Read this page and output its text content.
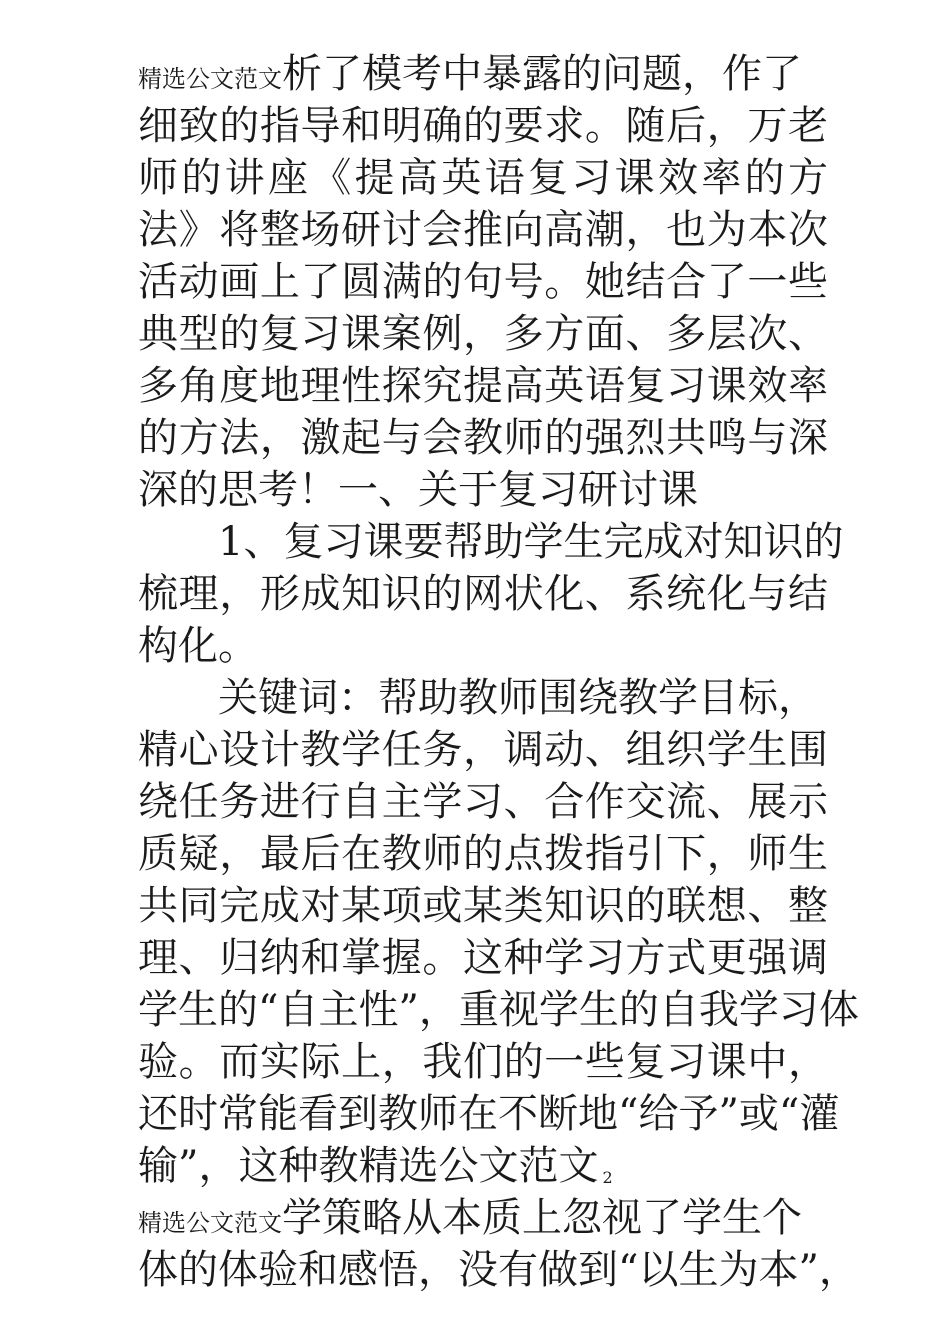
精选公文范文析了模考中暴露的问题，作了
细致的指导和明确的要求。随后，万老
师的讲座《提高英语复习课效率的方
法》将整场研讨会推向高潮，也为本次
活动画上了圆满的句号。她结合了一些
典型的复习课案例，多方面、多层次、
多角度地理性探究提高英语复习课效率
的方法，激起与会教师的强烈共鸣与深
深的思考！一、关于复习研讨课
1、复习课要帮助学生完成对知识的
梳理，形成知识的网状化、系统化与结
构化。
关键词：帮助教师围绕教学目标，
精心设计教学任务，调动、组织学生围
绕任务进行自主学习、合作交流、展示
质疑，最后在教师的点拨指引下，师生
共同完成对某项或某类知识的联想、整
理、归纳和掌握。这种学习方式更强调
学生的“自主性”，重视学生的自我学习体
验。而实际上，我们的一些复习课中，
还时常能看到教师在不断地“给予”或“灌
输”，这种教精选公文范文 2
精选公文范文学策略从本质上忽视了学生个
体的体验和感悟，没有做到“以生为本”，
